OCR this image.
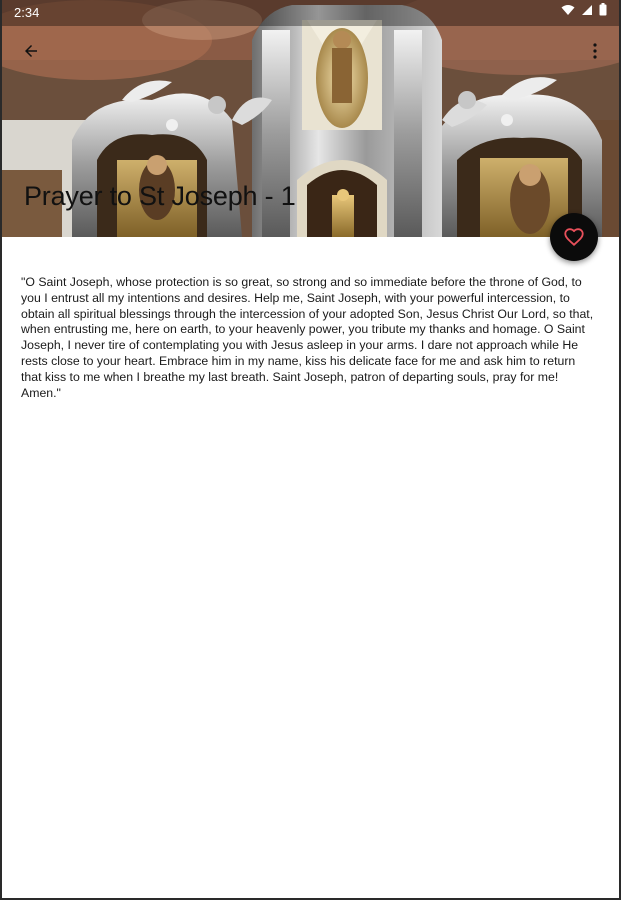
2:34
Prayer to St Joseph - 1

"O Saint Joseph, whose protection is so great, so strong and so immediate before the throne of God, to you I entrust all my intentions and desires. Help me, Saint Joseph, with your powerful intercession, to obtain all spiritual blessings through the intercession of your adopted Son, Jesus Christ Our Lord, so that, when entrusting me, here on earth, to your heavenly power, you tribute my thanks and homage. O Saint Joseph, I never tire of contemplating you with Jesus asleep in your arms. I dare not approach while He rests close to your heart. Embrace him in my name, kiss his delicate face for me and ask him to return that kiss to me when I breathe my last breath. Saint Joseph, patron of departing souls, pray for me! Amen."
